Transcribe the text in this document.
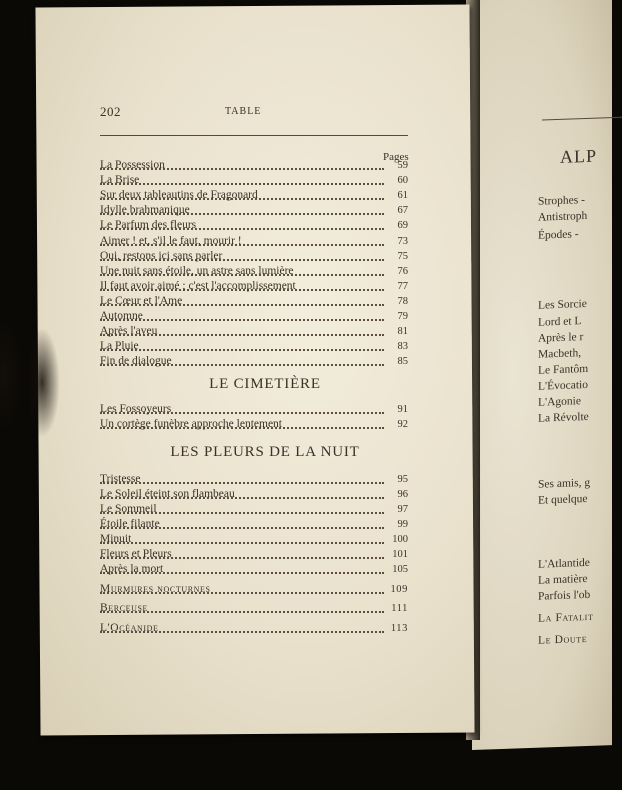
ALP
Strophes -
Antistroph
Épodes -
Les Sorcie
Lord et L
Après le r
Macbeth,
Le Fantôm
L'Évocatio
L'Agonie
La Révolte
Ses amis, g
Et quelque
L'Atlantide
La matière
Parfois l'ob
La Fatalit
Le Doute
202	TABLE
Pages
La Possession	59
La Brise	60
Sur deux tableautins de Fragonard	61
Idylle brahmanique	67
Le Parfum des fleurs	69
Aimer ! et, s'il le faut, mourir !	73
Oui, restons ici sans parler	75
Une nuit sans étoile, un astre sans lumière	76
Il faut avoir aimé ; c'est l'accomplissement	77
Le Cœur et l'Ame	78
Automne	79
Après l'aveu	81
La Pluie	83
Fin de dialogue	85
LE CIMETIÈRE
Les Fossoyeurs	91
Un cortège funèbre approche lentement	92
LES PLEURS DE LA NUIT
Tristesse	95
Le Soleil éteint son flambeau	96
Le Sommeil	97
Étoile filante	99
Minuit	100
Fleurs et Pleurs	101
Après la mort	105
Murmures nocturnes	109
Berceuse	111
L'Océanide	113
